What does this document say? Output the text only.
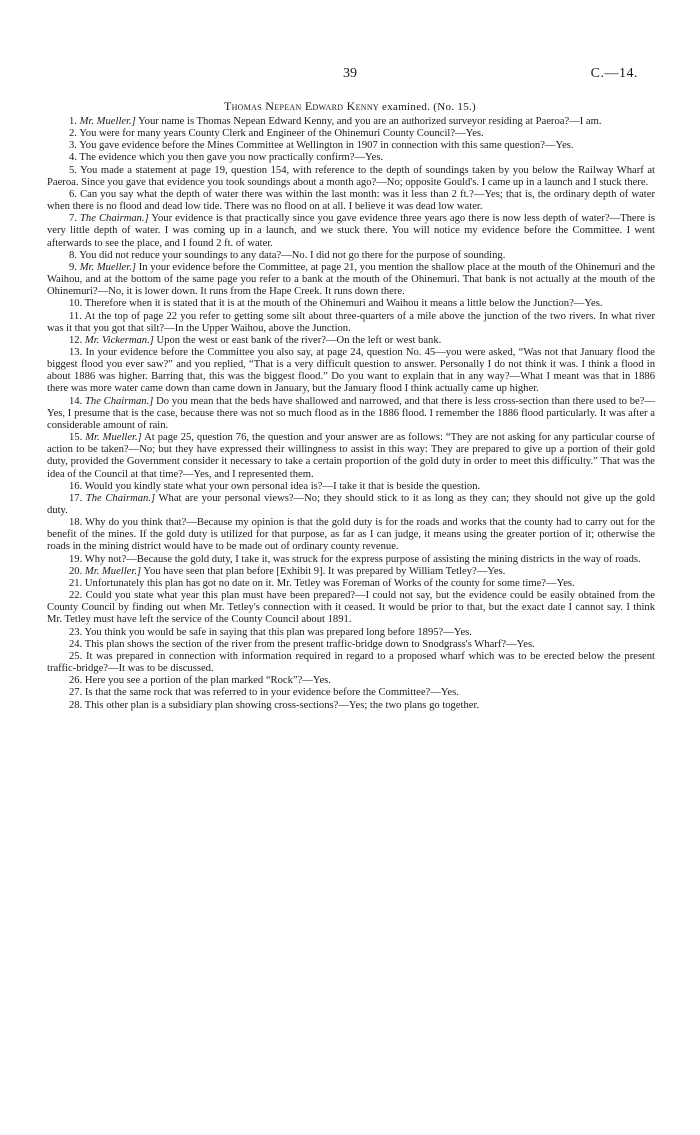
39	C.—14.
Thomas Nepean Edward Kenny examined. (No. 15.)

1. Mr. Mueller.] Your name is Thomas Nepean Edward Kenny, and you are an authorized surveyor residing at Paeroa?—I am.

2. You were for many years County Clerk and Engineer of the Ohinemuri County Council?—Yes.

3. You gave evidence before the Mines Committee at Wellington in 1907 in connection with this same question?—Yes.

4. The evidence which you then gave you now practically confirm?—Yes.

5. You made a statement at page 19, question 154, with reference to the depth of soundings taken by you below the Railway Wharf at Paeroa. Since you gave that evidence you took soundings about a month ago?—No; opposite Gould's. I came up in a launch and I stuck there.

6. Can you say what the depth of water there was within the last month: was it less than 2 ft.?—Yes; that is, the ordinary depth of water when there is no flood and dead low tide. There was no flood on at all. I believe it was dead low water.

7. The Chairman.] Your evidence is that practically since you gave evidence three years ago there is now less depth of water?—There is very little depth of water. I was coming up in a launch, and we stuck there. You will notice my evidence before the Committee. I went afterwards to see the place, and I found 2 ft. of water.

8. You did not reduce your soundings to any data?—No. I did not go there for the purpose of sounding.

9. Mr. Mueller.] In your evidence before the Committee, at page 21, you mention the shallow place at the mouth of the Ohinemuri and the Waihou, and at the bottom of the same page you refer to a bank at the mouth of the Ohinemuri. That bank is not actually at the mouth of the Ohinemuri?—No, it is lower down. It runs from the Hape Creek. It runs down there.

10. Therefore when it is stated that it is at the mouth of the Ohinemuri and Waihou it means a little below the Junction?—Yes.

11. At the top of page 22 you refer to getting some silt about three-quarters of a mile above the junction of the two rivers. In what river was it that you got that silt?—In the Upper Waihou, above the Junction.

12. Mr. Vickerman.] Upon the west or east bank of the river?—On the left or west bank.

13. In your evidence before the Committee you also say, at page 24, question No. 45—you were asked, “Was not that January flood the biggest flood you ever saw?” and you replied, “That is a very difficult question to answer. Personally I do not think it was. I think a flood in about 1886 was higher. Barring that, this was the biggest flood.” Do you want to explain that in any way?—What I meant was that in 1886 there was more water came down than came down in January, but the January flood I think actually came up higher.

14. The Chairman.] Do you mean that the beds have shallowed and narrowed, and that there is less cross-section than there used to be?—Yes, I presume that is the case, because there was not so much flood as in the 1886 flood. I remember the 1886 flood particularly. It was after a considerable amount of rain.

15. Mr. Mueller.] At page 25, question 76, the question and your answer are as follows: “They are not asking for any particular course of action to be taken?—No; but they have expressed their willingness to assist in this way: They are prepared to give up a portion of their gold duty, provided the Government consider it necessary to take a certain proportion of the gold duty in order to meet this difficulty.” That was the idea of the Council at that time?—Yes, and I represented them.

16. Would you kindly state what your own personal idea is?—I take it that is beside the question.

17. The Chairman.] What are your personal views?—No; they should stick to it as long as they can; they should not give up the gold duty.

18. Why do you think that?—Because my opinion is that the gold duty is for the roads and works that the county had to carry out for the benefit of the mines. If the gold duty is utilized for that purpose, as far as I can judge, it means using the greater portion of it; otherwise the roads in the mining district would have to be made out of ordinary county revenue.

19. Why not?—Because the gold duty, I take it, was struck for the express purpose of assisting the mining districts in the way of roads.

20. Mr. Mueller.] You have seen that plan before [Exhibit 9]. It was prepared by William Tetley?—Yes.

21. Unfortunately this plan has got no date on it. Mr. Tetley was Foreman of Works of the county for some time?—Yes.

22. Could you state what year this plan must have been prepared?—I could not say, but the evidence could be easily obtained from the County Council by finding out when Mr. Tetley's connection with it ceased. It would be prior to that, but the exact date I cannot say. I think Mr. Tetley must have left the service of the County Council about 1891.

23. You think you would be safe in saying that this plan was prepared long before 1895?—Yes.

24. This plan shows the section of the river from the present traffic-bridge down to Snodgrass's Wharf?—Yes.

25. It was prepared in connection with information required in regard to a proposed wharf which was to be erected below the present traffic-bridge?—It was to be discussed.

26. Here you see a portion of the plan marked “Rock”?—Yes.

27. Is that the same rock that was referred to in your evidence before the Committee?—Yes.

28. This other plan is a subsidiary plan showing cross-sections?—Yes; the two plans go together.
